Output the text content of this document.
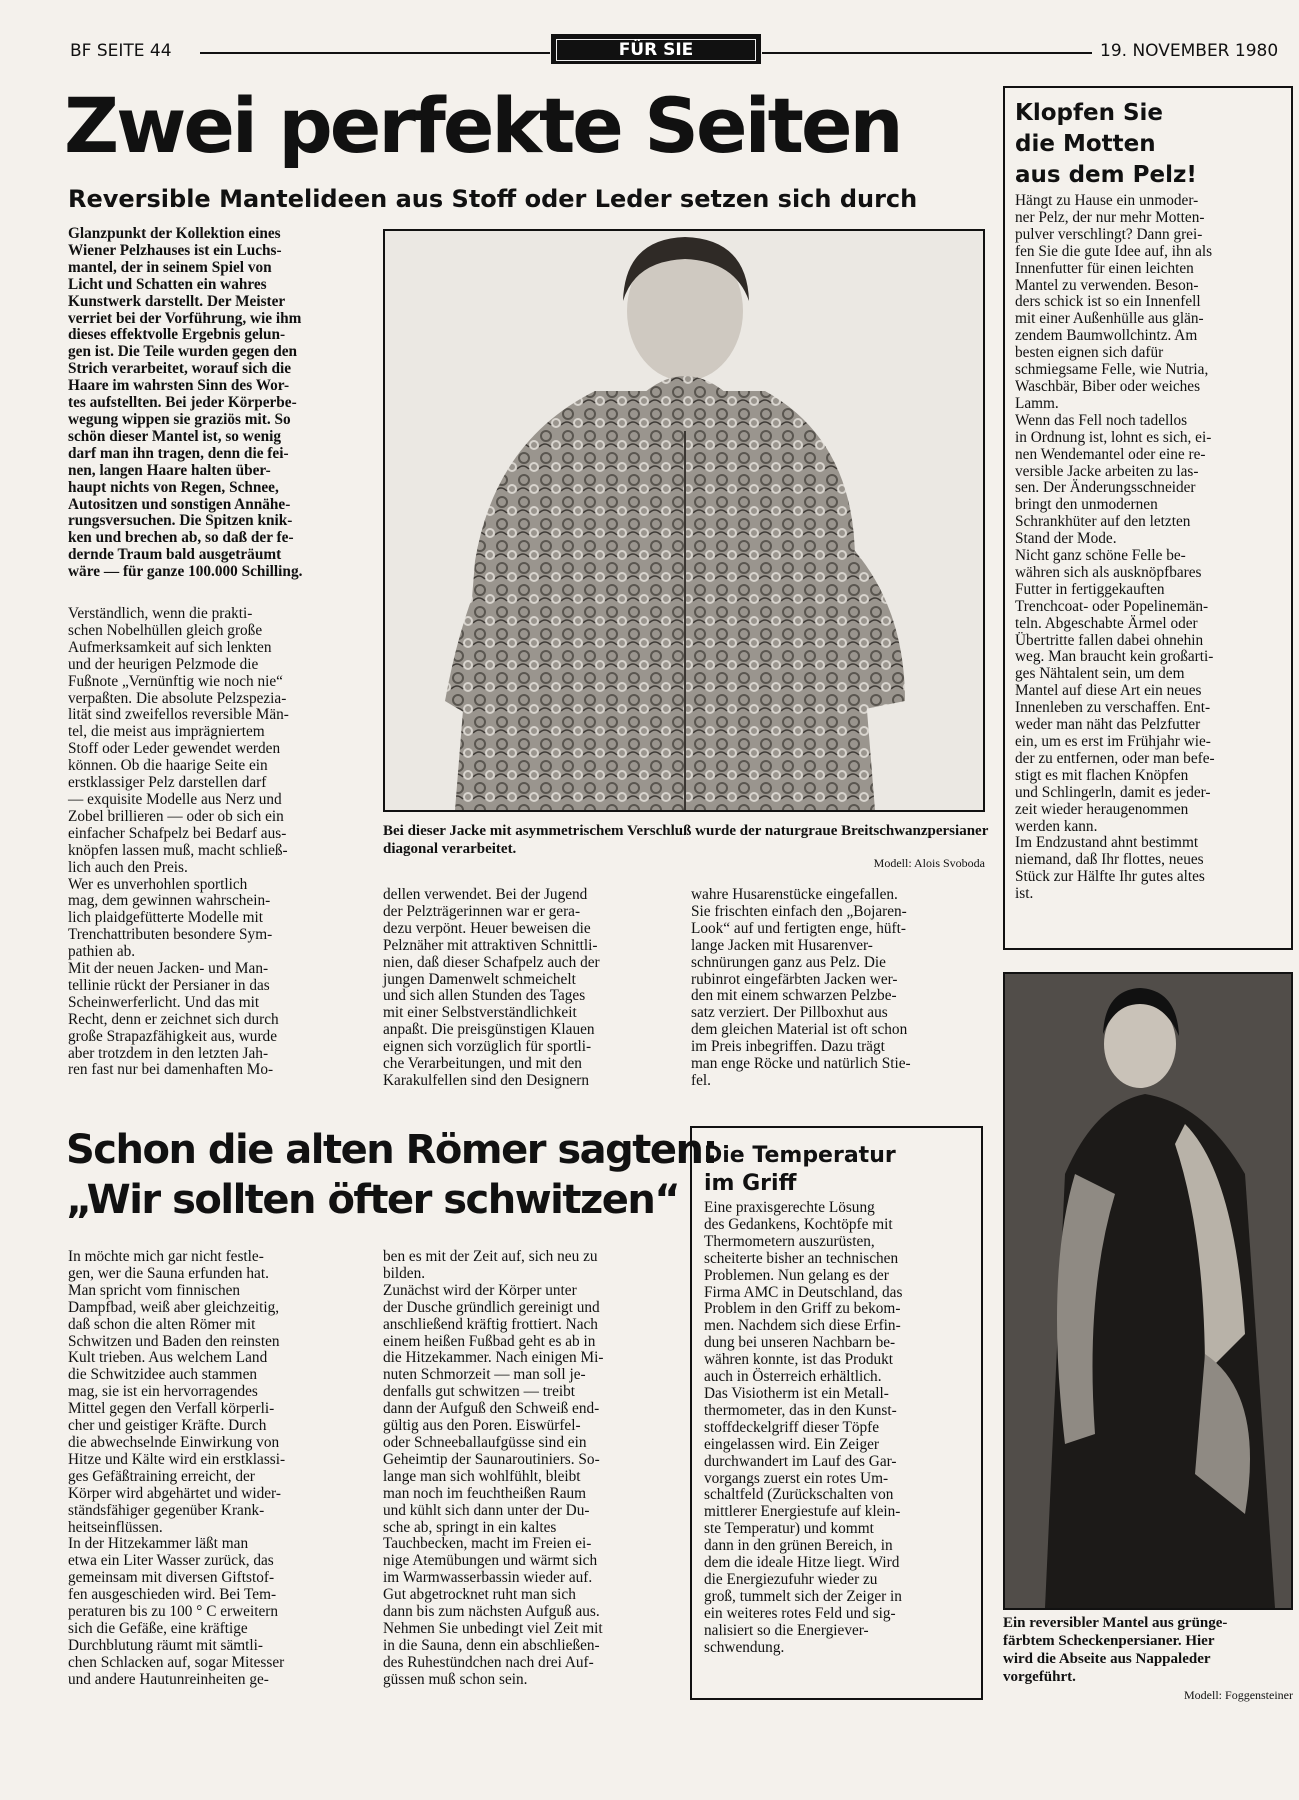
BF SEITE 44	FÜR SIE	19. NOVEMBER 1980
Zwei perfekte Seiten
Reversible Mantelideen aus Stoff oder Leder setzen sich durch
Glanzpunkt der Kollektion eines
Wiener Pelzhauses ist ein Luchs-
mantel, der in seinem Spiel von
Licht und Schatten ein wahres
Kunstwerk darstellt. Der Meister
verriet bei der Vorführung, wie ihm
dieses effektvolle Ergebnis gelun-
gen ist. Die Teile wurden gegen den
Strich verarbeitet, worauf sich die
Haare im wahrsten Sinn des Wor-
tes aufstellten. Bei jeder Körperbe-
wegung wippen sie graziös mit. So
schön dieser Mantel ist, so wenig
darf man ihn tragen, denn die fei-
nen, langen Haare halten über-
haupt nichts von Regen, Schnee,
Autositzen und sonstigen Annähe-
rungsversuchen. Die Spitzen knik-
ken und brechen ab, so daß der fe-
dernde Traum bald ausgeträumt
wäre — für ganze 100.000 Schilling.
Verständlich, wenn die prakti-
schen Nobelhüllen gleich große
Aufmerksamkeit auf sich lenkten
und der heurigen Pelzmode die
Fußnote „Vernünftig wie noch nie“
verpaßten. Die absolute Pelzspezia-
lität sind zweifellos reversible Män-
tel, die meist aus imprägniertem
Stoff oder Leder gewendet werden
können. Ob die haarige Seite ein
erstklassiger Pelz darstellen darf
— exquisite Modelle aus Nerz und
Zobel brillieren — oder ob sich ein
einfacher Schafpelz bei Bedarf aus-
knöpfen lassen muß, macht schließ-
lich auch den Preis.
Wer es unverhohlen sportlich
mag, dem gewinnen wahrschein-
lich plaidgefütterte Modelle mit
Trenchattributen besondere Sym-
pathien ab.
Mit der neuen Jacken- und Man-
tellinie rückt der Persianer in das
Scheinwerferlicht. Und das mit
Recht, denn er zeichnet sich durch
große Strapazfähigkeit aus, wurde
aber trotzdem in den letzten Jah-
ren fast nur bei damenhaften Mo-
Bei dieser Jacke mit asymmetrischem Verschluß wurde der naturgraue Breitschwanzpersianer diagonal verarbeitet.
Modell: Alois Svoboda
dellen verwendet. Bei der Jugend
der Pelzträgerinnen war er gera-
dezu verpönt. Heuer beweisen die
Pelznäher mit attraktiven Schnittli-
nien, daß dieser Schafpelz auch der
jungen Damenwelt schmeichelt
und sich allen Stunden des Tages
mit einer Selbstverständlichkeit
anpaßt. Die preisgünstigen Klauen
eignen sich vorzüglich für sportli-
che Verarbeitungen, und mit den
Karakulfellen sind den Designern
wahre Husarenstücke eingefallen.
Sie frischten einfach den „Bojaren-
Look“ auf und fertigten enge, hüft-
lange Jacken mit Husarenver-
schnürungen ganz aus Pelz. Die
rubinrot eingefärbten Jacken wer-
den mit einem schwarzen Pelzbe-
satz verziert. Der Pillboxhut aus
dem gleichen Material ist oft schon
im Preis inbegriffen. Dazu trägt
man enge Röcke und natürlich Stie-
fel.
Klopfen Sie
die Motten
aus dem Pelz!
Hängt zu Hause ein unmoder-
ner Pelz, der nur mehr Motten-
pulver verschlingt? Dann grei-
fen Sie die gute Idee auf, ihn als
Innenfutter für einen leichten
Mantel zu verwenden. Beson-
ders schick ist so ein Innenfell
mit einer Außenhülle aus glän-
zendem Baumwollchintz. Am
besten eignen sich dafür
schmiegsame Felle, wie Nutria,
Waschbär, Biber oder weiches
Lamm.
Wenn das Fell noch tadellos
in Ordnung ist, lohnt es sich, ei-
nen Wendemantel oder eine re-
versible Jacke arbeiten zu las-
sen. Der Änderungsschneider
bringt den unmodernen
Schrankhüter auf den letzten
Stand der Mode.
Nicht ganz schöne Felle be-
währen sich als ausknöpfbares
Futter in fertiggekauften
Trenchcoat- oder Popelinemän-
teln. Abgeschabte Ärmel oder
Übertritte fallen dabei ohnehin
weg. Man braucht kein großarti-
ges Nähtalent sein, um dem
Mantel auf diese Art ein neues
Innenleben zu verschaffen. Ent-
weder man näht das Pelzfutter
ein, um es erst im Frühjahr wie-
der zu entfernen, oder man befe-
stigt es mit flachen Knöpfen
und Schlingerln, damit es jeder-
zeit wieder heraugenommen
werden kann.
Im Endzustand ahnt bestimmt
niemand, daß Ihr flottes, neues
Stück zur Hälfte Ihr gutes altes
ist.
Schon die alten Römer sagten:
„Wir sollten öfter schwitzen“
In möchte mich gar nicht festle-
gen, wer die Sauna erfunden hat.
Man spricht vom finnischen
Dampfbad, weiß aber gleichzeitig,
daß schon die alten Römer mit
Schwitzen und Baden den reinsten
Kult trieben. Aus welchem Land
die Schwitzidee auch stammen
mag, sie ist ein hervorragendes
Mittel gegen den Verfall körperli-
cher und geistiger Kräfte. Durch
die abwechselnde Einwirkung von
Hitze und Kälte wird ein erstklassi-
ges Gefäßtraining erreicht, der
Körper wird abgehärtet und wider-
ständsfähiger gegenüber Krank-
heitseinflüssen.
In der Hitzekammer läßt man
etwa ein Liter Wasser zurück, das
gemeinsam mit diversen Giftstof-
fen ausgeschieden wird. Bei Tem-
peraturen bis zu 100 ° C erweitern
sich die Gefäße, eine kräftige
Durchblutung räumt mit sämtli-
chen Schlacken auf, sogar Mitesser
und andere Hautunreinheiten ge-
ben es mit der Zeit auf, sich neu zu
bilden.
Zunächst wird der Körper unter
der Dusche gründlich gereinigt und
anschließend kräftig frottiert. Nach
einem heißen Fußbad geht es ab in
die Hitzekammer. Nach einigen Mi-
nuten Schmorzeit — man soll je-
denfalls gut schwitzen — treibt
dann der Aufguß den Schweiß end-
gültig aus den Poren. Eiswürfel-
oder Schneeballaufgüsse sind ein
Geheimtip der Saunaroutiniers. So-
lange man sich wohlfühlt, bleibt
man noch im feuchtheißen Raum
und kühlt sich dann unter der Du-
sche ab, springt in ein kaltes
Tauchbecken, macht im Freien ei-
nige Atemübungen und wärmt sich
im Warmwasserbassin wieder auf.
Gut abgetrocknet ruht man sich
dann bis zum nächsten Aufguß aus.
Nehmen Sie unbedingt viel Zeit mit
in die Sauna, denn ein abschließen-
des Ruhestündchen nach drei Auf-
güssen muß schon sein.
Die Temperatur
im Griff
Eine praxisgerechte Lösung
des Gedankens, Kochtöpfe mit
Thermometern auszurüsten,
scheiterte bisher an technischen
Problemen. Nun gelang es der
Firma AMC in Deutschland, das
Problem in den Griff zu bekom-
men. Nachdem sich diese Erfin-
dung bei unseren Nachbarn be-
währen konnte, ist das Produkt
auch in Österreich erhältlich.
Das Visiotherm ist ein Metall-
thermometer, das in den Kunst-
stoffdeckelgriff dieser Töpfe
eingelassen wird. Ein Zeiger
durchwandert im Lauf des Gar-
vorgangs zuerst ein rotes Um-
schaltfeld (Zurückschalten von
mittlerer Energiestufe auf klein-
ste Temperatur) und kommt
dann in den grünen Bereich, in
dem die ideale Hitze liegt. Wird
die Energiezufuhr wieder zu
groß, tummelt sich der Zeiger in
ein weiteres rotes Feld und sig-
nalisiert so die Energiever-
schwendung.
Ein reversibler Mantel aus grünge-
färbtem Scheckenpersianer. Hier
wird die Abseite aus Nappaleder
vorgeführt.
Modell: Foggensteiner
